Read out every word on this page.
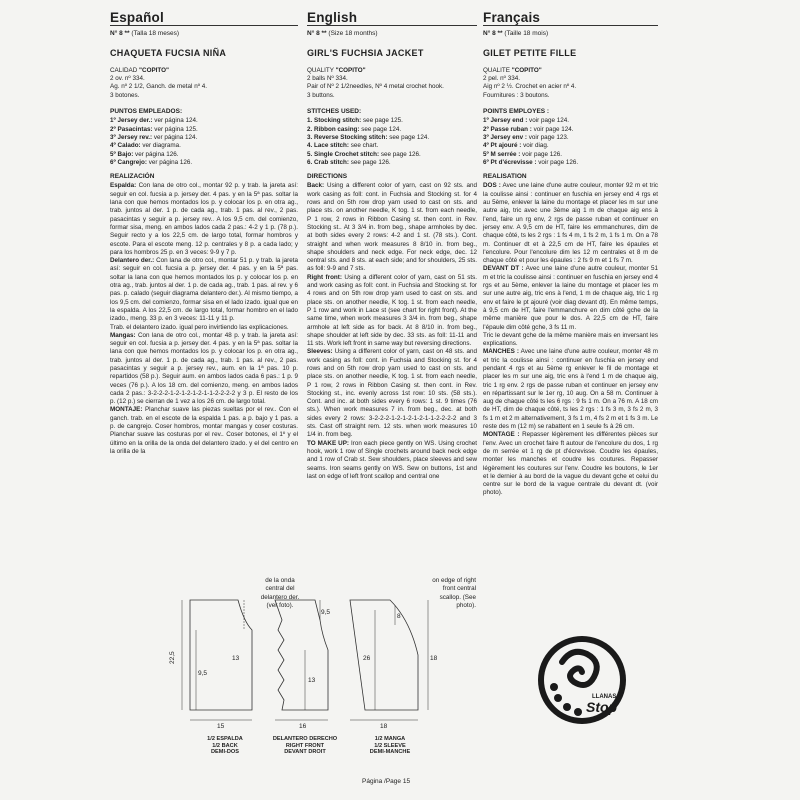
Español
N° 8 ** (Talla 18 meses)
CHAQUETA FUCSIA NIÑA
CALIDAD "COPITO"
2 ov. nº 334.
Ag. nº 2 1/2, Ganch. de metal nº 4.
3 botones.
PUNTOS EMPLEADOS:
1º Jersey der.: ver página 124.
2º Pasacintas: ver página 125.
3º Jersey rev.: ver página 124.
4º Calado: ver diagrama.
5º Bajo: ver página 126.
6º Cangrejo: ver página 126.
REALIZACIÓN

Espalda: Con lana de otro col., montar 92 p. y trab. la jareta así: seguir en col. fucsia a p. jersey der. 4 pas. y en la 5ª pas. soltar la lana con que hemos montados los p. y colocar los p. en otra ag., trab. juntos al der. 1 p. de cada ag., trab. 1 pas. al rev., 2 pas. pasacintas y seguir a p. jersey rev.. A los 9,5 cm. del comienzo, formar sisa, meng. en ambos lados cada 2 pas.: 4-2 y 1 p. (78 p.). Seguir recto y a los 22,5 cm. de largo total, formar hombros y escote. Para el escote meng. 12 p. centrales y 8 p. a cada lado; y para los hombros 25 p. en 3 veces: 9-9 y 7 p.

Delantero der.: Con lana de otro col., montar 51 p. y trab. la jareta así: seguir en col. fucsia a p. jersey der. 4 pas. y en la 5ª pas. soltar la lana con que hemos montados los p. y colocar los p. en otra ag., trab. juntos al der. 1 p. de cada ag., trab. 1 pas. al rev. y 6 pas. p. calado (seguir diagrama delantero der.). Al mismo tiempo, a los 9,5 cm. del comienzo, formar sisa en el lado izado. igual que en la espalda. A los 22,5 cm. de largo total, formar hombro en el lado izado., meng. 33 p. en 3 veces: 11-11 y 11 p.

Trab. el delantero izado. igual pero invirtiendo las explicaciones.

Mangas: Con lana de otro col., montar 48 p. y trab. la jareta así: seguir en col. fucsia a p. jersey der. 4 pas. y en la 5ª pas. soltar la lana con que hemos montados los p. y colocar los p. en otra ag., trab. juntos al der. 1 p. de cada ag., trab. 1 pas. al rev., 2 pas. pasacintas y seguir a p. jersey rev., aum. en la 1ª pas. 10 p. repartidos (58 p.). Seguir aum. en ambos lados cada 6 pas.: 1 p. 9 veces (76 p.). A los 18 cm. del comienzo, meng. en ambos lados cada 2 pas.: 3-2-2-2-1-2-1-2-1-2-1-1-2-2-2-2 y 3 p. El resto de los p. (12 p.) se cierran de 1 vez a los 26 cm. de largo total.

MONTAJE: Planchar suave las piezas sueltas por el rev.. Con el ganch. trab. en el escote de la espalda 1 pas. a p. bajo y 1 pas. a p. de cangrejo. Coser hombros, montar mangas y coser costuras. Planchar suave las costuras por el rev.. Coser botones, el 1º y el último en la orilla de la onda del delantero izado. y el del centro en la orilla de la

English
N° 8 ** (Size 18 months)
GIRL'S FUCHSIA JACKET
QUALITY "COPITO"
2 balls Nº 334.
Pair of Nº 2 1/2needles, Nº 4 metal crochet hook.
3 buttons.
STITCHES USED:
1. Stocking stitch: see page 125.
2. Ribbon casing: see page 124.
3. Reverse Stocking stitch: see page 124.
4. Lace stitch: see chart.
5. Single Crochet stitch: see page 126.
6. Crab stitch: see page 126.
DIRECTIONS

Back: Using a different color of yarn, cast on 92 sts. and work casing as foll: cont. in Fuchsia and Stocking st. for 4 rows and on 5th row drop yarn used to cast on sts. and place sts. on another needle, K tog. 1 st. from each needle, P 1 row, 2 rows in Ribbon Casing st. then cont. in Rev. Stocking st.. At 3 3/4 in. from beg., shape armholes by dec. at both sides every 2 rows: 4-2 and 1 st. (78 sts.). Cont. straight and when work measures 8 8/10 in. from beg., shape shoulders and neck edge. For neck edge, dec. 12 central sts. and 8 sts. at each side; and for shoulders, 25 sts. as foll: 9-9 and 7 sts.

Right front: Using a different color of yarn, cast on 51 sts. and work casing as foll: cont. in Fuchsia and Stocking st. for 4 rows and on 5th row drop yarn used to cast on sts. and place sts. on another needle, K tog. 1 st. from each needle, P 1 row and work in Lace st (see chart for right front). At the same time, when work measures 3 3/4 in. from beg., shape armhole at left side as for back. At 8 8/10 in. from beg., shape shoulder at left side by dec. 33 sts. as foll: 11-11 and 11 sts. Work left front in same way but reversing directions.

Sleeves: Using a different color of yarn, cast on 48 sts. and work casing as foll: cont. in Fuchsia and Stocking st. for 4 rows and on 5th row drop yarn used to cast on sts. and place sts. on another needle, K tog. 1 st. from each needle, P 1 row, 2 rows in Ribbon Casing st. then cont. in Rev. Stocking st., inc. evenly across 1st row: 10 sts. (58 sts.). Cont. and inc. at both sides every 6 rows: 1 st. 9 times (76 sts.). When work measures 7 in. from beg., dec. at both sides every 2 rows: 3-2-2-2-1-2-1-2-1-2-1-1-2-2-2-2 and 3 sts. Cast off straight rem. 12 sts. when work measures 10 1/4 in. from beg.

TO MAKE UP: Iron each piece gently on WS. Using crochet hook, work 1 row of Single crochets around back neck edge and 1 row of Crab st. Sew shoulders, place sleeves and sew seams. Iron seams gently on WS. Sew on buttons, 1st and last on edge of left front scallop and central one

Français
N° 8 ** (Taille 18 mois)
GILET PETITE FILLE
QUALITE "COPITO"
2 pel. nº 334.
Aig nº 2 ½. Crochet en acier nº 4.
Fournitures : 3 boutons.
POINTS EMPLOYES :
1º Jersey end : voir page 124.
2º Passe ruban : voir page 124.
3º Jersey env : voir page 123.
4º Pt ajouré : voir diag.
5º M serrée : voir page 126.
6º Pt d'écrevisse : voir page 126.
REALISATION

DOS : Avec une laine d'une autre couleur, monter 92 m et tric la coulisse ainsi : continuer en fuschia en jersey end 4 rgs et au 5ème, enlever la laine du montage et placer les m sur une autre aig, tric avec une 3ème aig 1 m de chaque aig ens à l'end, faire un rg env, 2 rgs de passe ruban et continuer en jersey env. A 9,5 cm de HT, faire les emmanchures, dim de chaque côté, ts les 2 rgs : 1 fs 4 m, 1 fs 2 m, 1 fs 1 m. On a 78 m. Continuer dt et à 22,5 cm de HT, faire les épaules et l'encolure. Pour l'encolure dim les 12 m centrales et 8 m de chaque côté et pour les épaules : 2 fs 9 m et 1 fs 7 m.

DEVANT DT : Avec une laine d'une autre couleur, monter 51 m et tric la coulisse ainsi : continuer en fuschia en jersey end 4 rgs et au 5ème, enlever la laine du montage et placer les m sur une autre aig, tric ens à l'end, 1 m de chaque aig, tric 1 rg env et faire le pt ajouré (voir diag devant dt). En même temps, à 9,5 cm de HT, faire l'emmanchure en dim côté gche de la même manière que pour le dos. A 22,5 cm de HT, faire l'épaule dim côté gche, 3 fs 11 m.

Tric le devant gche de la même manière mais en inversant les explications.

MANCHES : Avec une laine d'une autre couleur, monter 48 m et tric la coulisse ainsi : continuer en fuschia en jersey end pendant 4 rgs et au 5ème rg enlever le fil de montage et placer les m sur une aig, tric ens à l'end 1 m de chaque aig, tric 1 rg env. 2 rgs de passe ruban et continuer en jersey env en répartissant sur le 1er rg, 10 aug. On a 58 m. Continuer à aug de chaque côté ts les 6 rgs : 9 fs 1 m. On a 76 m. A 18 cm de HT, dim de chaque côté, ts les 2 rgs : 1 fs 3 m, 3 fs 2 m, 3 fs 1 m et 2 m alternativement, 3 fs 1 m, 4 fs 2 m et 1 fs 3 m. Le reste des m (12 m) se rabattent en 1 seule fs à 26 cm.

MONTAGE : Repasser légèrement les différentes pièces sur l'env. Avec un crochet faire ft autour de l'encolure du dos, 1 rg de m serrée et 1 rg de pt d'écrevisse. Coudre les épaules, monter les manches et coudre les coutures. Repasser légèrement les coutures sur l'env. Coudre les boutons, le 1er et le dernier à au bord de la vague du devant gche et celui du centre sur le bord de la vague centrale du devant dt. (voir photo).

de la onda central del delantero der. (ver foto).
on edge of right front central scallop. (See photo).
15
22,5
9,5
13
16
13
9,5
18
26
8
18
1/2 ESPALDA
1/2 BACK
DEMI-DOS
DELANTERO DERECHO
RIGHT FRONT
DEVANT DROIT
1/2 MANGA
1/2 SLEEVE
DEMI-MANCHE
LLANAS
Stop
Página /Page 15
